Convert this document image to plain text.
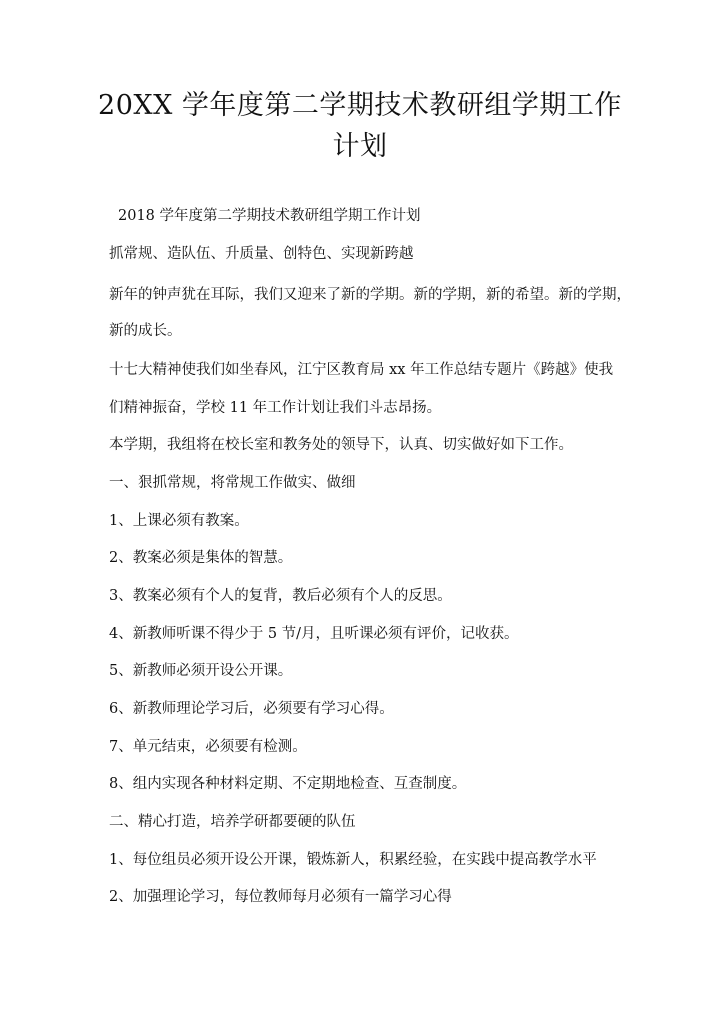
20XX 学年度第二学期技术教研组学期工作
计划

2018 学年度第二学期技术教研组学期工作计划

抓常规、造队伍、升质量、创特色、实现新跨越

新年的钟声犹在耳际，我们又迎来了新的学期。新的学期，新的希望。新的学期，

新的成长。

十七大精神使我们如坐春风，江宁区教育局 xx 年工作总结专题片《跨越》使我

们精神振奋，学校 11 年工作计划让我们斗志昂扬。

本学期，我组将在校长室和教务处的领导下，认真、切实做好如下工作。

一、狠抓常规，将常规工作做实、做细

1、上课必须有教案。

2、教案必须是集体的智慧。

3、教案必须有个人的复背，教后必须有个人的反思。

4、新教师听课不得少于 5 节/月，且听课必须有评价，记收获。

5、新教师必须开设公开课。

6、新教师理论学习后，必须要有学习心得。

7、单元结束，必须要有检测。

8、组内实现各种材料定期、不定期地检查、互查制度。

二、精心打造，培养学研都要硬的队伍

1、每位组员必须开设公开课，锻炼新人，积累经验，在实践中提高教学水平

2、加强理论学习，每位教师每月必须有一篇学习心得
